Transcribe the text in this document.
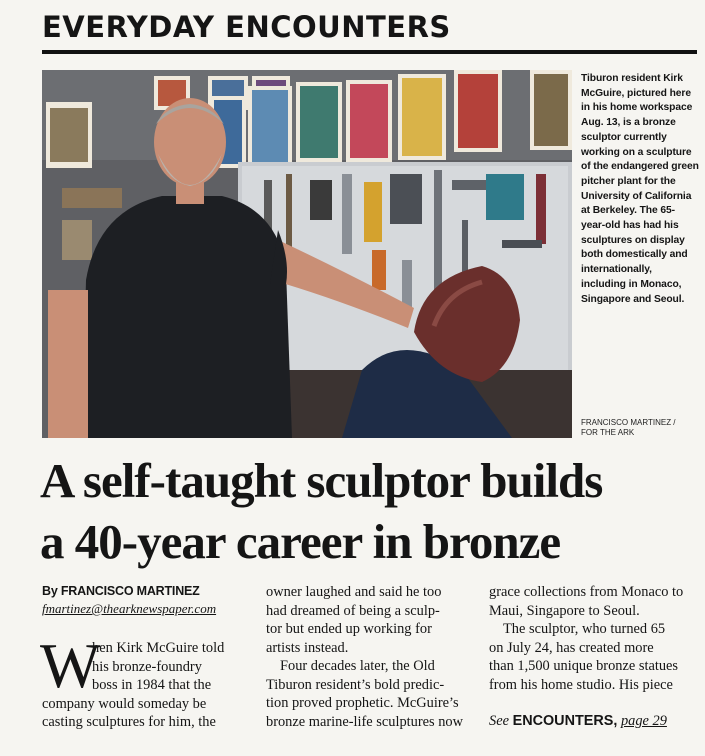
EVERYDAY ENCOUNTERS

Tiburon resident Kirk McGuire, pictured here in his home workspace Aug. 13, is a bronze sculptor currently working on a sculpture of the endangered green pitcher plant for the University of California at Berkeley. The 65-year-old has had his sculptures on display both domestically and internationally, including in Monaco, Singapore and Seoul.

FRANCISCO MARTINEZ /
FOR THE ARK

A self-taught sculptor builds
a 40-year career in bronze
By FRANCISCO MARTINEZ
fmartinez@thearknewspaper.com
W
hen Kirk McGuire told
his bronze-foundry
boss in 1984 that the
company would someday be
casting sculptures for him, the
owner laughed and said he too
had dreamed of being a sculp-
tor but ended up working for
artists instead.
Four decades later, the Old
Tiburon resident’s bold predic-
tion proved prophetic. McGuire’s
bronze marine-life sculptures now
grace collections from Monaco to
Maui, Singapore to Seoul.
The sculptor, who turned 65
on July 24, has created more
than 1,500 unique bronze statues
from his home studio. His piece
See ENCOUNTERS, page 29
